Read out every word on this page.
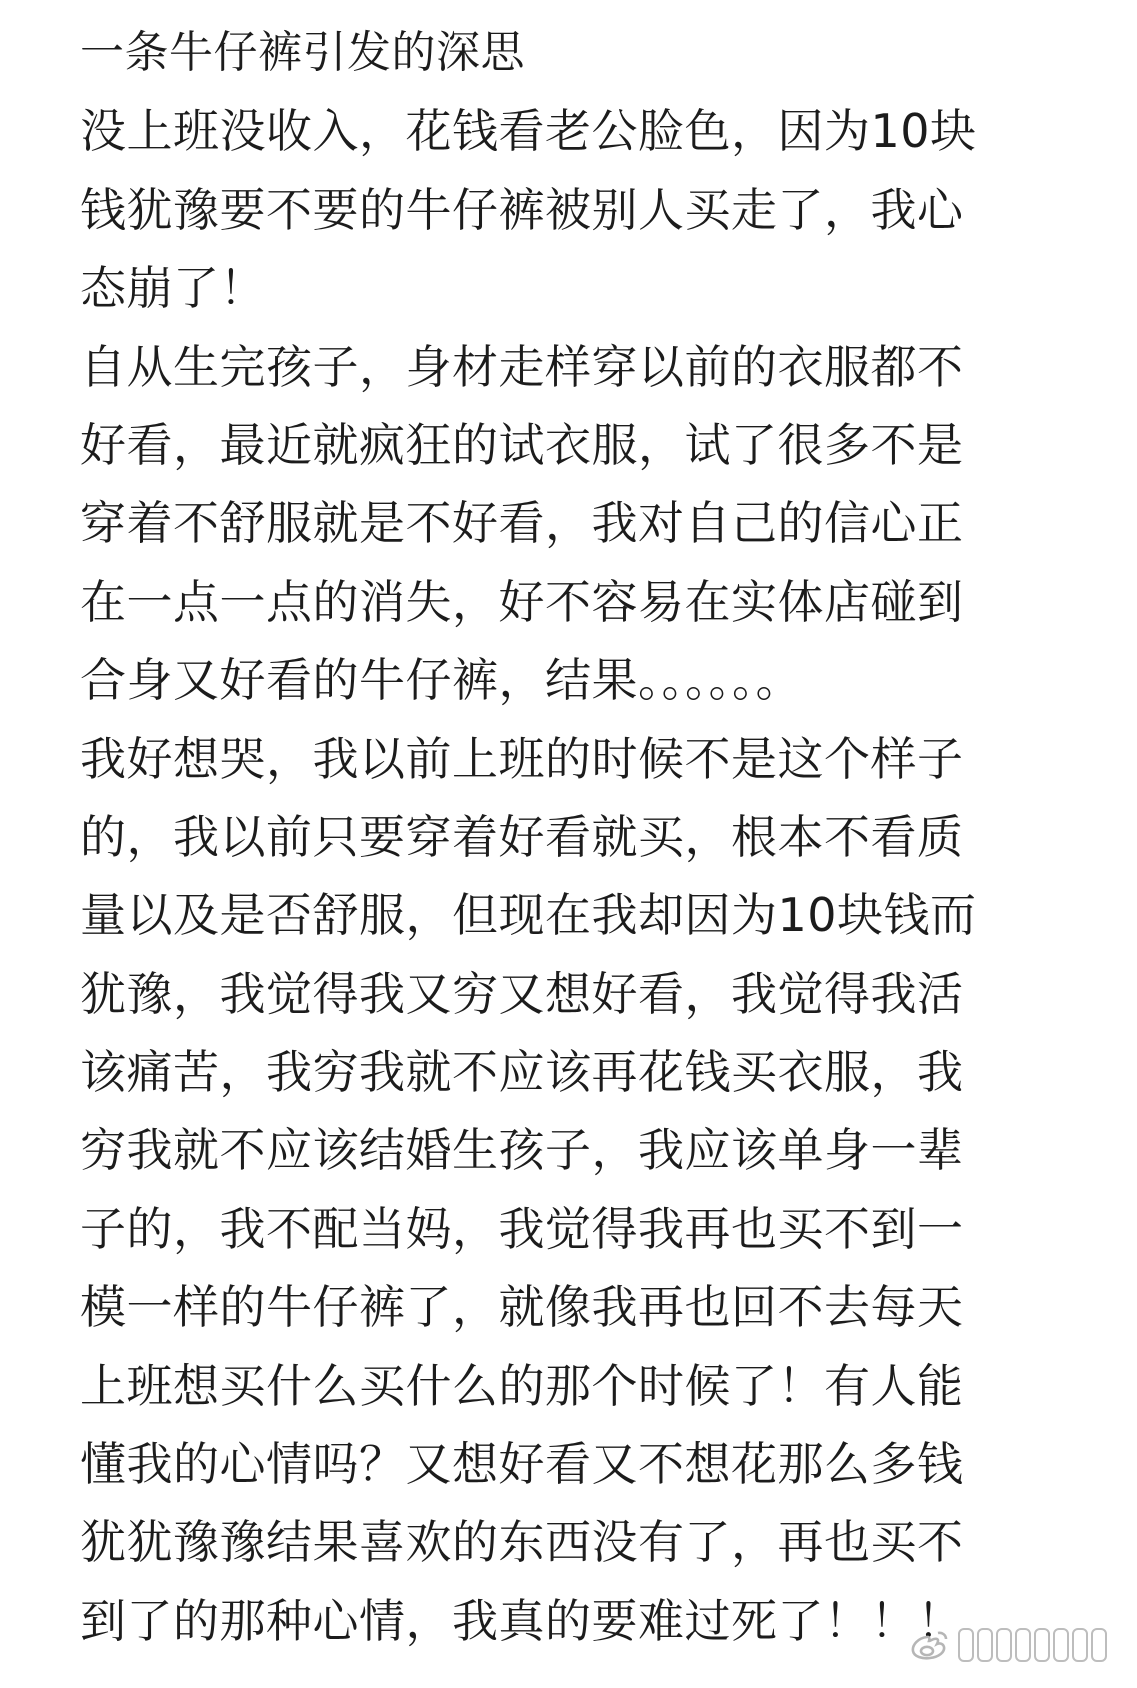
一条牛仔裤引发的深思
没上班没收入，花钱看老公脸色，因为10块
钱犹豫要不要的牛仔裤被别人买走了，我心
态崩了！
自从生完孩子，身材走样穿以前的衣服都不
好看，最近就疯狂的试衣服，试了很多不是
穿着不舒服就是不好看，我对自己的信心正
在一点一点的消失，好不容易在实体店碰到
合身又好看的牛仔裤，结果。。。。。。
我好想哭，我以前上班的时候不是这个样子
的，我以前只要穿着好看就买，根本不看质
量以及是否舒服，但现在我却因为10块钱而
犹豫，我觉得我又穷又想好看，我觉得我活
该痛苦，我穷我就不应该再花钱买衣服，我
穷我就不应该结婚生孩子，我应该单身一辈
子的，我不配当妈，我觉得我再也买不到一
模一样的牛仔裤了，就像我再也回不去每天
上班想买什么买什么的那个时候了！有人能
懂我的心情吗？又想好看又不想花那么多钱
犹犹豫豫结果喜欢的东西没有了，再也买不
到了的那种心情，我真的要难过死了！！！
